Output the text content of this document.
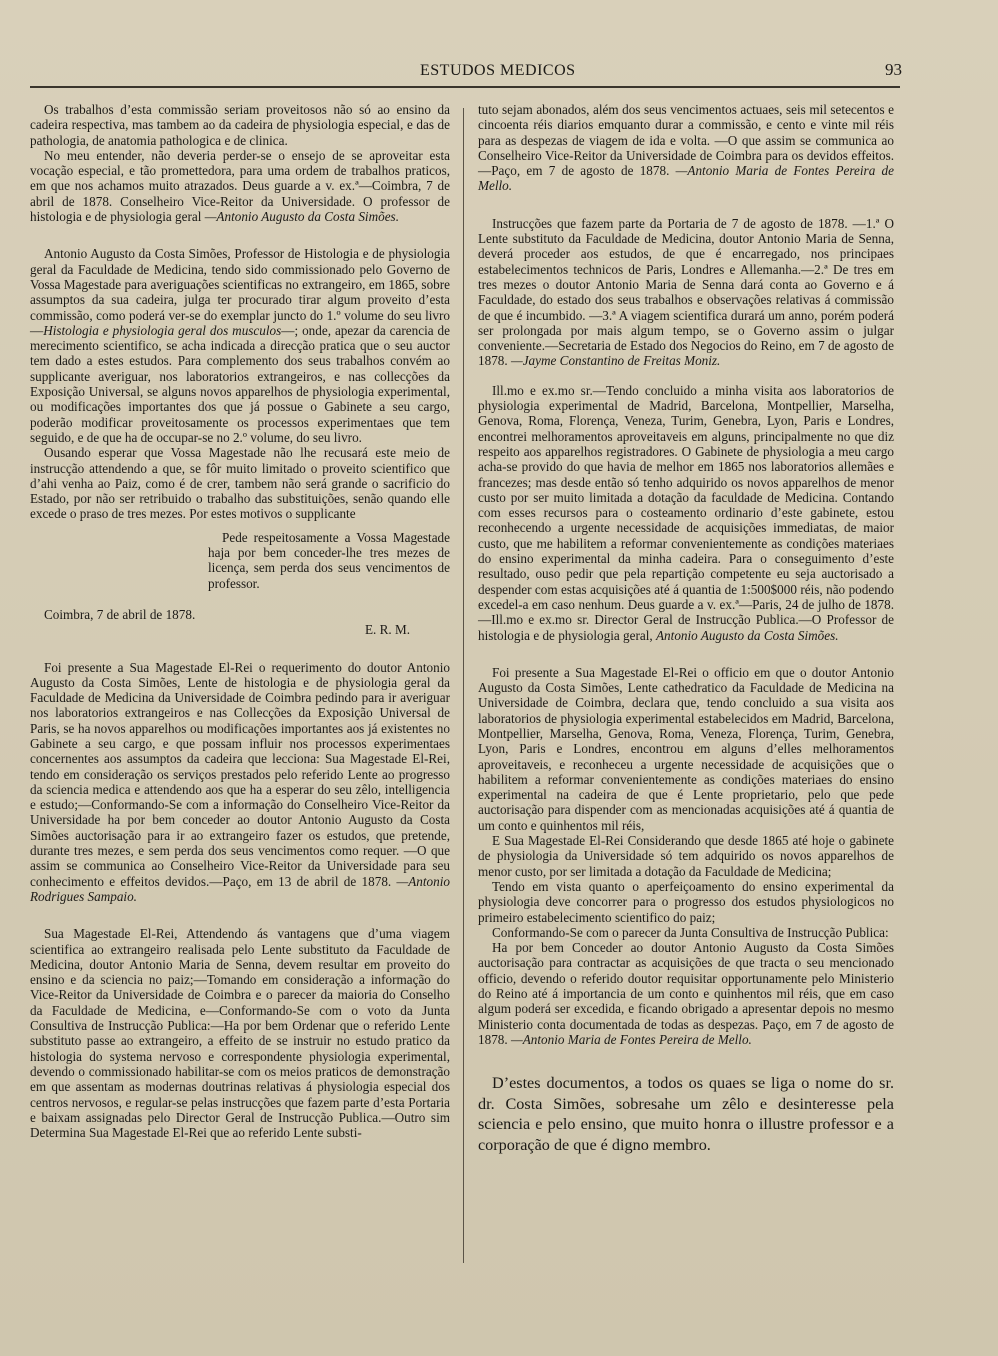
ESTUDOS MEDICOS	93

Os trabalhos d’esta commissão seriam proveitosos não só ao ensino da cadeira respectiva, mas tambem ao da cadeira de physiologia especial, e das de pathologia, de anatomia pathologica e de clinica.

No meu entender, não deveria perder-se o ensejo de se aproveitar esta vocação especial, e tão promettedora, para uma ordem de trabalhos praticos, em que nos achamos muito atrazados. Deus guarde a v. ex.ª—Coimbra, 7 de abril de 1878. Conselheiro Vice-Reitor da Universidade. O professor de histologia e de physiologia geral —Antonio Augusto da Costa Simões.

Antonio Augusto da Costa Simões, Professor de Histologia e de physiologia geral da Faculdade de Medicina, tendo sido commissionado pelo Governo de Vossa Magestade para averiguações scientificas no extrangeiro, em 1865, sobre assumptos da sua cadeira, julga ter procurado tirar algum proveito d’esta commissão, como poderá ver-se do exemplar juncto do 1.º volume do seu livro—Histologia e physiologia geral dos musculos—; onde, apezar da carencia de merecimento scientifico, se acha indicada a direcção pratica que o seu auctor tem dado a estes estudos. Para complemento dos seus trabalhos convém ao supplicante averiguar, nos laboratorios extrangeiros, e nas collecções da Exposição Universal, se alguns novos apparelhos de physiologia experimental, ou modificações importantes dos que já possue o Gabinete a seu cargo, poderão modificar proveitosamente os processos experimentaes que tem seguido, e de que ha de occupar-se no 2.º volume, do seu livro.

Ousando esperar que Vossa Magestade não lhe recusará este meio de instrucção attendendo a que, se fôr muito limitado o proveito scientifico que d’ahi venha ao Paiz, como é de crer, tambem não será grande o sacrificio do Estado, por não ser retribuido o trabalho das substituições, senão quando elle excede o praso de tres mezes. Por estes motivos o supplicante

Pede respeitosamente a Vossa Magestade haja por bem conceder-lhe tres mezes de licença, sem perda dos seus vencimentos de professor.

Coimbra, 7 de abril de 1878.

E. R. M.

Foi presente a Sua Magestade El-Rei o requerimento do doutor Antonio Augusto da Costa Simões, Lente de histologia e de physiologia geral da Faculdade de Medicina da Universidade de Coimbra pedindo para ir averiguar nos laboratorios extrangeiros e nas Collecções da Exposição Universal de Paris, se ha novos apparelhos ou modificações importantes aos já existentes no Gabinete a seu cargo, e que possam influir nos processos experimentaes concernentes aos assumptos da cadeira que lecciona: Sua Magestade El-Rei, tendo em consideração os serviços prestados pelo referido Lente ao progresso da sciencia medica e attendendo aos que ha a esperar do seu zêlo, intelligencia e estudo;—Conformando-Se com a informação do Conselheiro Vice-Reitor da Universidade ha por bem conceder ao doutor Antonio Augusto da Costa Simões auctorisação para ir ao extrangeiro fazer os estudos, que pretende, durante tres mezes, e sem perda dos seus vencimentos como requer. —O que assim se communica ao Conselheiro Vice-Reitor da Universidade para seu conhecimento e effeitos devidos.—Paço, em 13 de abril de 1878. —Antonio Rodrigues Sampaio.

Sua Magestade El-Rei, Attendendo ás vantagens que d’uma viagem scientifica ao extrangeiro realisada pelo Lente substituto da Faculdade de Medicina, doutor Antonio Maria de Senna, devem resultar em proveito do ensino e da sciencia no paiz;—Tomando em consideração a informação do Vice-Reitor da Universidade de Coimbra e o parecer da maioria do Conselho da Faculdade de Medicina, e—Conformando-Se com o voto da Junta Consultiva de Instrucção Publica:—Ha por bem Ordenar que o referido Lente substituto passe ao extrangeiro, a effeito de se instruir no estudo pratico da histologia do systema nervoso e correspondente physiologia experimental, devendo o commissionado habilitar-se com os meios praticos de demonstração em que assentam as modernas doutrinas relativas á physiologia especial dos centros nervosos, e regular-se pelas instrucções que fazem parte d’esta Portaria e baixam assignadas pelo Director Geral de Instrucção Publica.—Outro sim Determina Sua Magestade El-Rei que ao referido Lente substi-

tuto sejam abonados, além dos seus vencimentos actuaes, seis mil setecentos e cincoenta réis diarios emquanto durar a commissão, e cento e vinte mil réis para as despezas de viagem de ida e volta. —O que assim se communica ao Conselheiro Vice-Reitor da Universidade de Coimbra para os devidos effeitos.—Paço, em 7 de agosto de 1878. —Antonio Maria de Fontes Pereira de Mello.

Instrucções que fazem parte da Portaria de 7 de agosto de 1878. —1.ª O Lente substituto da Faculdade de Medicina, doutor Antonio Maria de Senna, deverá proceder aos estudos, de que é encarregado, nos principaes estabelecimentos technicos de Paris, Londres e Allemanha.—2.ª De tres em tres mezes o doutor Antonio Maria de Senna dará conta ao Governo e á Faculdade, do estado dos seus trabalhos e observações relativas á commissão de que é incumbido. —3.ª A viagem scientifica durará um anno, porém poderá ser prolongada por mais algum tempo, se o Governo assim o julgar conveniente.—Secretaria de Estado dos Negocios do Reino, em 7 de agosto de 1878. —Jayme Constantino de Freitas Moniz.

Ill.mo e ex.mo sr.—Tendo concluido a minha visita aos laboratorios de physiologia experimental de Madrid, Barcelona, Montpellier, Marselha, Genova, Roma, Florença, Veneza, Turim, Genebra, Lyon, Paris e Londres, encontrei melhoramentos aproveitaveis em alguns, principalmente no que diz respeito aos apparelhos registradores. O Gabinete de physiologia a meu cargo acha-se provido do que havia de melhor em 1865 nos laboratorios allemães e francezes; mas desde então só tenho adquirido os novos apparelhos de menor custo por ser muito limitada a dotação da faculdade de Medicina. Contando com esses recursos para o costeamento ordinario d’este gabinete, estou reconhecendo a urgente necessidade de acquisições immediatas, de maior custo, que me habilitem a reformar convenientemente as condições materiaes do ensino experimental da minha cadeira. Para o conseguimento d’este resultado, ouso pedir que pela repartição competente eu seja auctorisado a despender com estas acquisições até á quantia de 1:500$000 réis, não podendo excedel-a em caso nenhum. Deus guarde a v. ex.ª—Paris, 24 de julho de 1878.—Ill.mo e ex.mo sr. Director Geral de Instrucção Publica.—O Professor de histologia e de physiologia geral, Antonio Augusto da Costa Simões.

Foi presente a Sua Magestade El-Rei o officio em que o doutor Antonio Augusto da Costa Simões, Lente cathedratico da Faculdade de Medicina na Universidade de Coimbra, declara que, tendo concluido a sua visita aos laboratorios de physiologia experimental estabelecidos em Madrid, Barcelona, Montpellier, Marselha, Genova, Roma, Veneza, Florença, Turim, Genebra, Lyon, Paris e Londres, encontrou em alguns d’elles melhoramentos aproveitaveis, e reconheceu a urgente necessidade de acquisições que o habilitem a reformar convenientemente as condições materiaes do ensino experimental na cadeira de que é Lente proprietario, pelo que pede auctorisação para dispender com as mencionadas acquisições até á quantia de um conto e quinhentos mil réis,

E Sua Magestade El-Rei Considerando que desde 1865 até hoje o gabinete de physiologia da Universidade só tem adquirido os novos apparelhos de menor custo, por ser limitada a dotação da Faculdade de Medicina;

Tendo em vista quanto o aperfeiçoamento do ensino experimental da physiologia deve concorrer para o progresso dos estudos physiologicos no primeiro estabelecimento scientifico do paiz;

Conformando-Se com o parecer da Junta Consultiva de Instrucção Publica:

Ha por bem Conceder ao doutor Antonio Augusto da Costa Simões auctorisação para contractar as acquisições de que tracta o seu mencionado officio, devendo o referido doutor requisitar opportunamente pelo Ministerio do Reino até á importancia de um conto e quinhentos mil réis, que em caso algum poderá ser excedida, e ficando obrigado a apresentar depois no mesmo Ministerio conta documentada de todas as despezas. Paço, em 7 de agosto de 1878. —Antonio Maria de Fontes Pereira de Mello.

D’estes documentos, a todos os quaes se liga o nome do sr. dr. Costa Simões, sobresahe um zêlo e desinteresse pela sciencia e pelo ensino, que muito honra o illustre professor e a corporação de que é digno membro.
